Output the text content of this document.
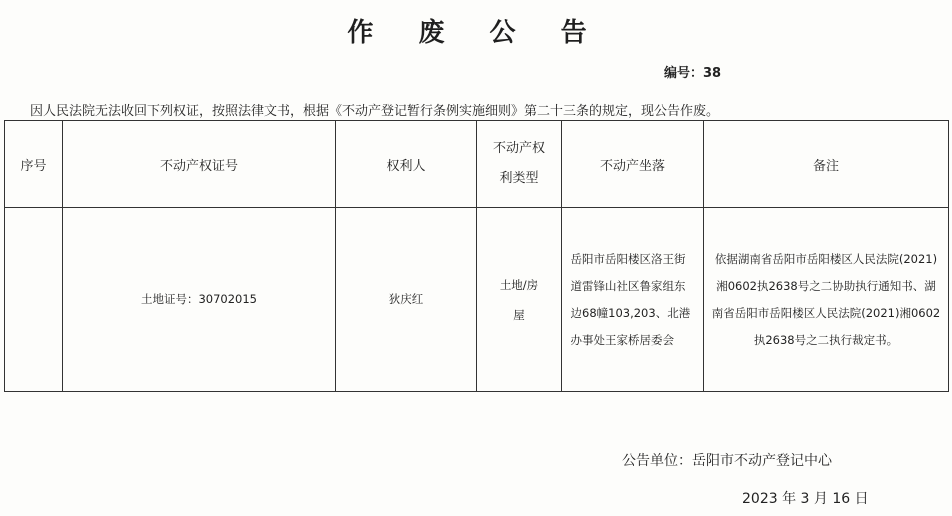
作 废 公 告
编号：38
因人民法院无法收回下列权证，按照法律文书，根据《不动产登记暂行条例实施细则》第二十三条的规定，现公告作废。
序号	不动产权证号	权利人	不动产权利类型	不动产坐落	备注
	土地证号：30702015	狄庆红	土地/房屋	岳阳市岳阳楼区洛王街道雷锋山社区鲁家组东边68幢103,203、北港办事处王家桥居委会	依据湖南省岳阳市岳阳楼区人民法院(2021)湘0602执2638号之二协助执行通知书、湖南省岳阳市岳阳楼区人民法院(2021)湘0602执2638号之二执行裁定书。
公告单位：岳阳市不动产登记中心
2023 年 3 月 16 日
